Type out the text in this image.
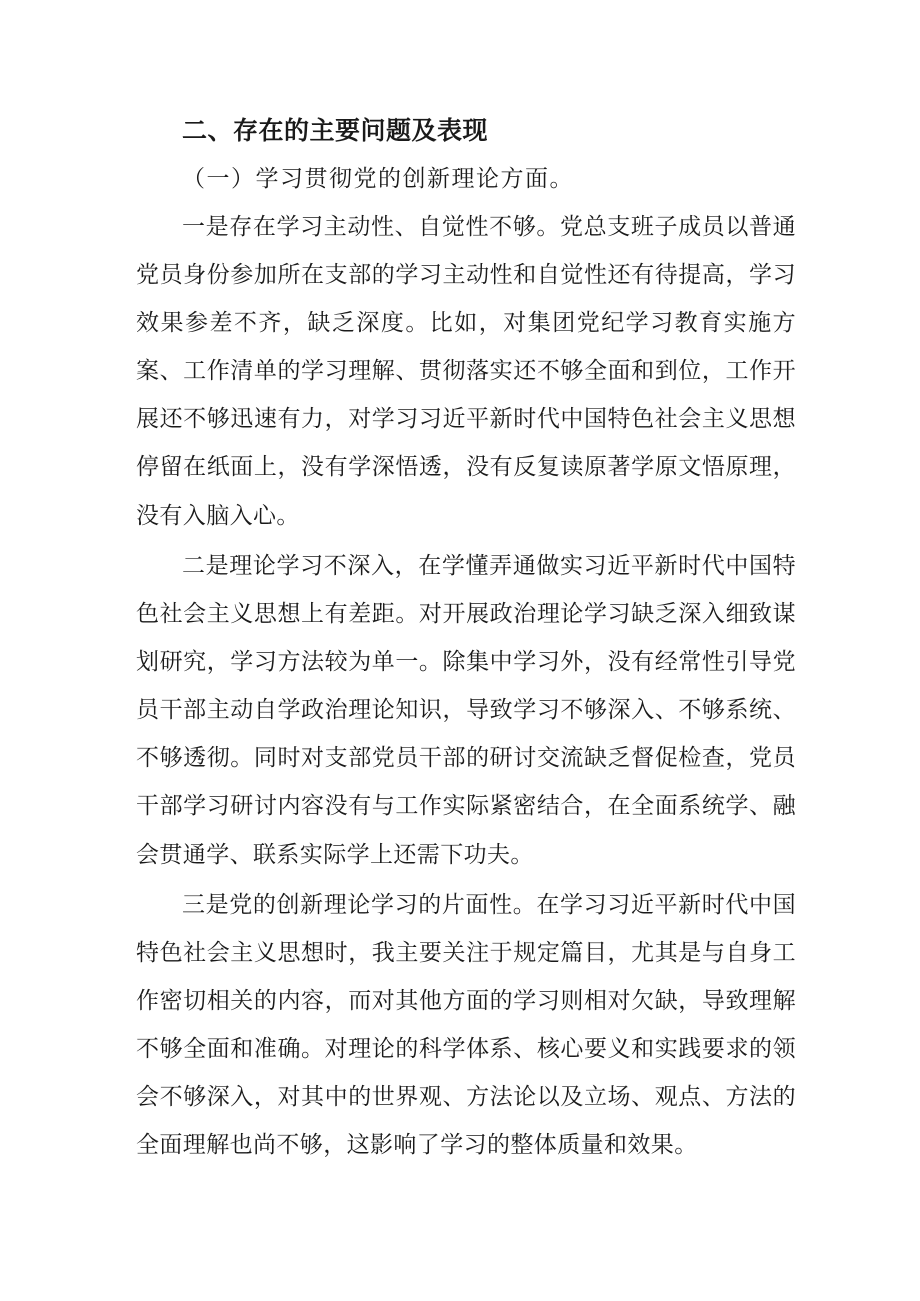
二、存在的主要问题及表现
（一）学习贯彻党的创新理论方面。

一是存在学习主动性、自觉性不够。党总支班子成员以普通党员身份参加所在支部的学习主动性和自觉性还有待提高，学习效果参差不齐，缺乏深度。比如，对集团党纪学习教育实施方案、工作清单的学习理解、贯彻落实还不够全面和到位，工作开展还不够迅速有力，对学习习近平新时代中国特色社会主义思想停留在纸面上，没有学深悟透，没有反复读原著学原文悟原理，没有入脑入心。

二是理论学习不深入，在学懂弄通做实习近平新时代中国特色社会主义思想上有差距。对开展政治理论学习缺乏深入细致谋划研究，学习方法较为单一。除集中学习外，没有经常性引导党员干部主动自学政治理论知识，导致学习不够深入、不够系统、不够透彻。同时对支部党员干部的研讨交流缺乏督促检查，党员干部学习研讨内容没有与工作实际紧密结合，在全面系统学、融会贯通学、联系实际学上还需下功夫。

三是党的创新理论学习的片面性。在学习习近平新时代中国特色社会主义思想时，我主要关注于规定篇目，尤其是与自身工作密切相关的内容，而对其他方面的学习则相对欠缺，导致理解不够全面和准确。对理论的科学体系、核心要义和实践要求的领会不够深入，对其中的世界观、方法论以及立场、观点、方法的全面理解也尚不够，这影响了学习的整体质量和效果。
